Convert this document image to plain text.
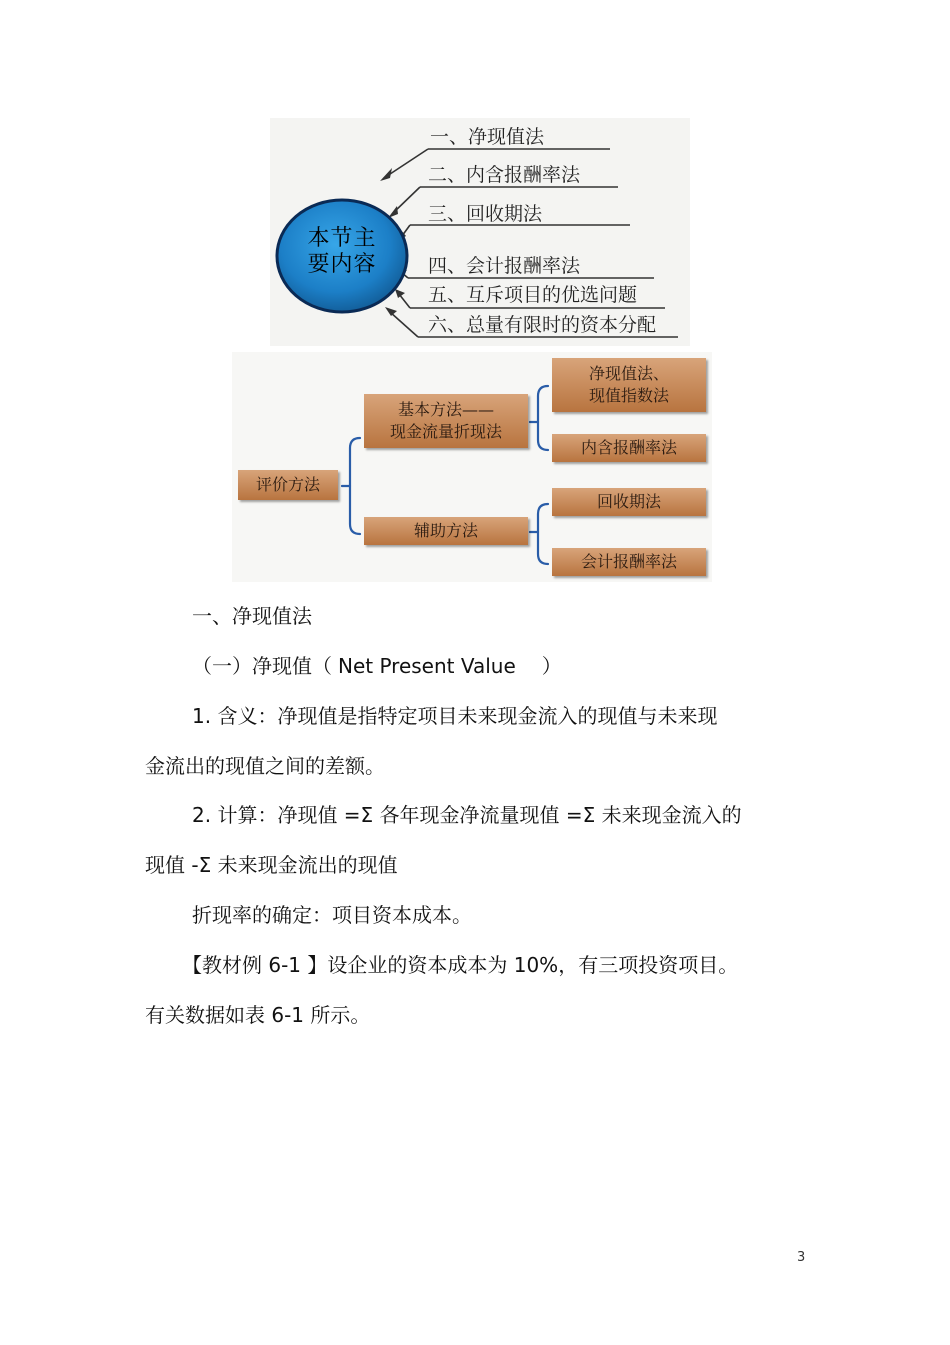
本节主
要内容
一、净现值法
二、内含报酬率法
三、回收期法
四、会计报酬率法
五、互斥项目的优选问题
六、总量有限时的资本分配
评价方法
基本方法——
现金流量折现法
辅助方法
净现值法、
现值指数法
内含报酬率法
回收期法
会计报酬率法
一、净现值法
（一）净现值（ Net Present Value ）
1. 含义：净现值是指特定项目未来现金流入的现值与未来现
金流出的现值之间的差额。
2. 计算：净现值 =Σ 各年现金净流量现值 =Σ 未来现金流入的
现值 -Σ 未来现金流出的现值
折现率的确定：项目资本成本。
【教材例 6-1 】设企业的资本成本为 10%，有三项投资项目。
有关数据如表 6-1 所示。
3
